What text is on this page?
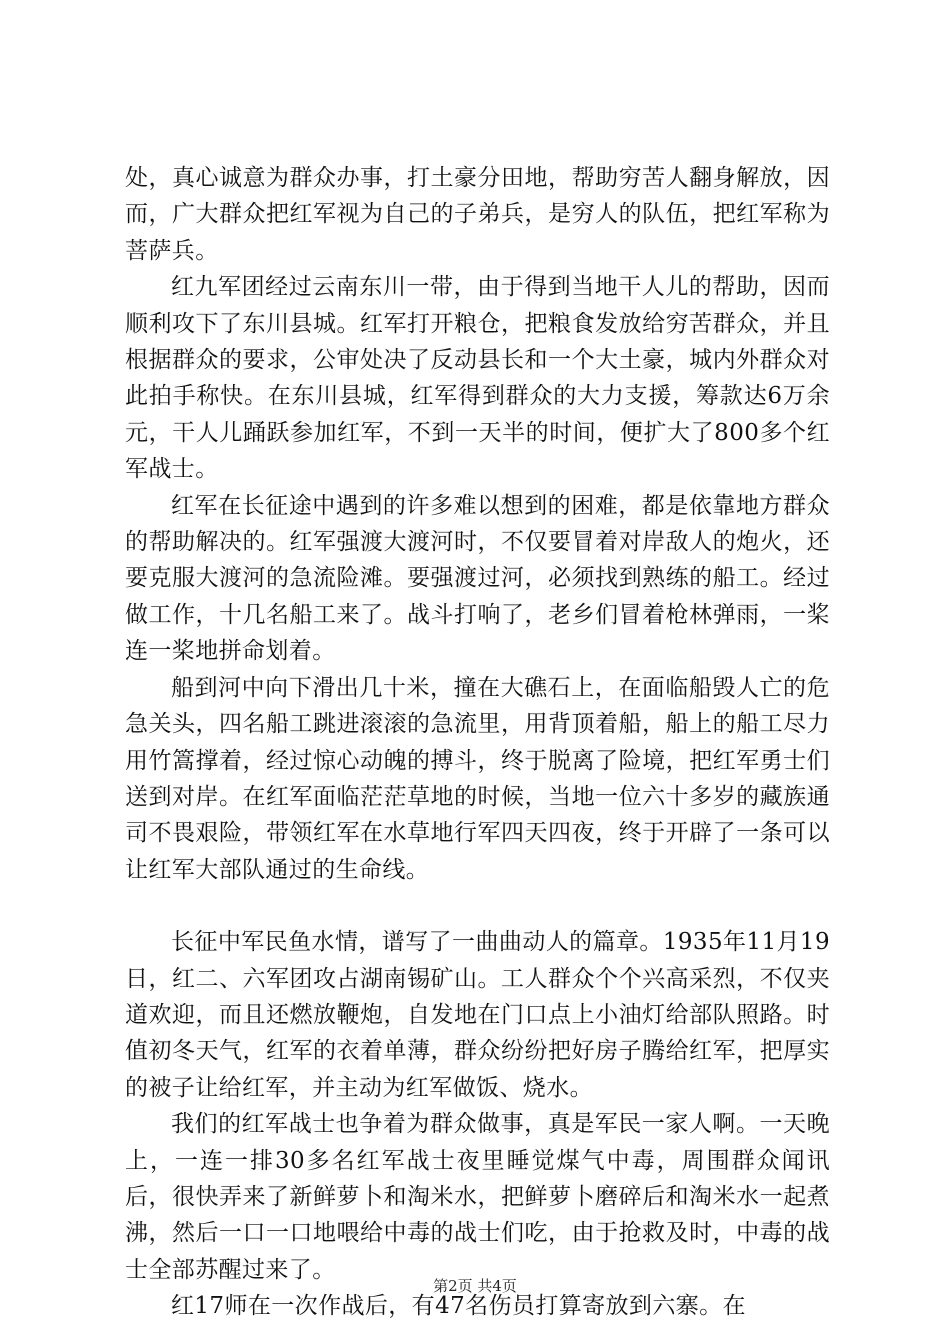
处，真心诚意为群众办事，打土豪分田地，帮助穷苦人翻身解放，因而，广大群众把红军视为自己的子弟兵，是穷人的队伍，把红军称为菩萨兵。

红九军团经过云南东川一带，由于得到当地干人儿的帮助，因而顺利攻下了东川县城。红军打开粮仓，把粮食发放给穷苦群众，并且根据群众的要求，公审处决了反动县长和一个大土豪，城内外群众对此拍手称快。在东川县城，红军得到群众的大力支援，筹款达6万余元，干人儿踊跃参加红军，不到一天半的时间，便扩大了800多个红军战士。

红军在长征途中遇到的许多难以想到的困难，都是依靠地方群众的帮助解决的。红军强渡大渡河时，不仅要冒着对岸敌人的炮火，还要克服大渡河的急流险滩。要强渡过河，必须找到熟练的船工。经过做工作，十几名船工来了。战斗打响了，老乡们冒着枪林弹雨，一桨连一桨地拼命划着。

船到河中向下滑出几十米，撞在大礁石上，在面临船毁人亡的危急关头，四名船工跳进滚滚的急流里，用背顶着船，船上的船工尽力用竹篙撑着，经过惊心动魄的搏斗，终于脱离了险境，把红军勇士们送到对岸。在红军面临茫茫草地的时候，当地一位六十多岁的藏族通司不畏艰险，带领红军在水草地行军四天四夜，终于开辟了一条可以让红军大部队通过的生命线。

长征中军民鱼水情，谱写了一曲曲动人的篇章。1935年11月19日，红二、六军团攻占湖南锡矿山。工人群众个个兴高采烈，不仅夹道欢迎，而且还燃放鞭炮，自发地在门口点上小油灯给部队照路。时值初冬天气，红军的衣着单薄，群众纷纷把好房子腾给红军，把厚实的被子让给红军，并主动为红军做饭、烧水。

我们的红军战士也争着为群众做事，真是军民一家人啊。一天晚上，一连一排30多名红军战士夜里睡觉煤气中毒，周围群众闻讯后，很快弄来了新鲜萝卜和淘米水，把鲜萝卜磨碎后和淘米水一起煮沸，然后一口一口地喂给中毒的战士们吃，由于抢救及时，中毒的战士全部苏醒过来了。

红17师在一次作战后，有47名伤员打算寄放到六寨。在

第2页 共4页
